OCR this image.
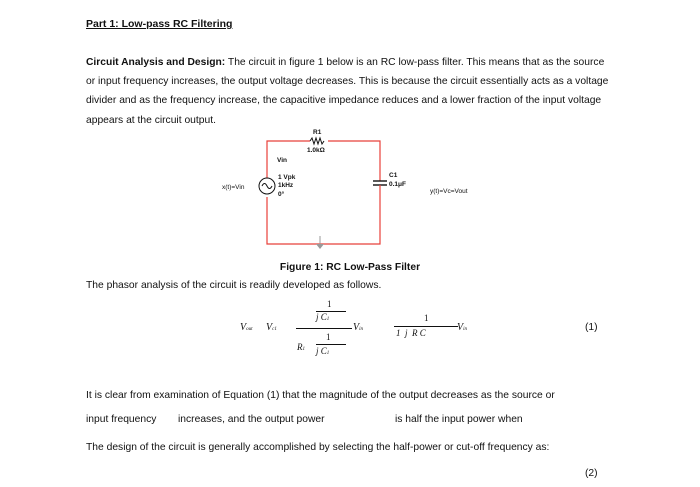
Part 1: Low-pass RC Filtering
Circuit Analysis and Design: The circuit in figure 1 below is an RC low-pass filter. This means that as the source or input frequency increases, the output voltage decreases. This is because the circuit essentially acts as a voltage divider and as the frequency increase, the capacitive impedance reduces and a lower fraction of the input voltage appears at the circuit output.
R1
1.0kΩ
Vin
1 Vpk
1kHz
0°
x(t)=Vin
C1
0.1μF
y(t)=Vc=Vout
Figure 1: RC Low-Pass Filter
The phasor analysis of the circuit is readily developed as follows.
Vout Vc1
1
j C1
R1
1
j C1
Vin
1
1  j  R C	Vin	(1)
It is clear from examination of Equation (1) that the magnitude of the output decreases as the source or
input frequency increases, and the output power	is half the input power when
The design of the circuit is generally accomplished by selecting the half-power or cut-off frequency as:
(2)
